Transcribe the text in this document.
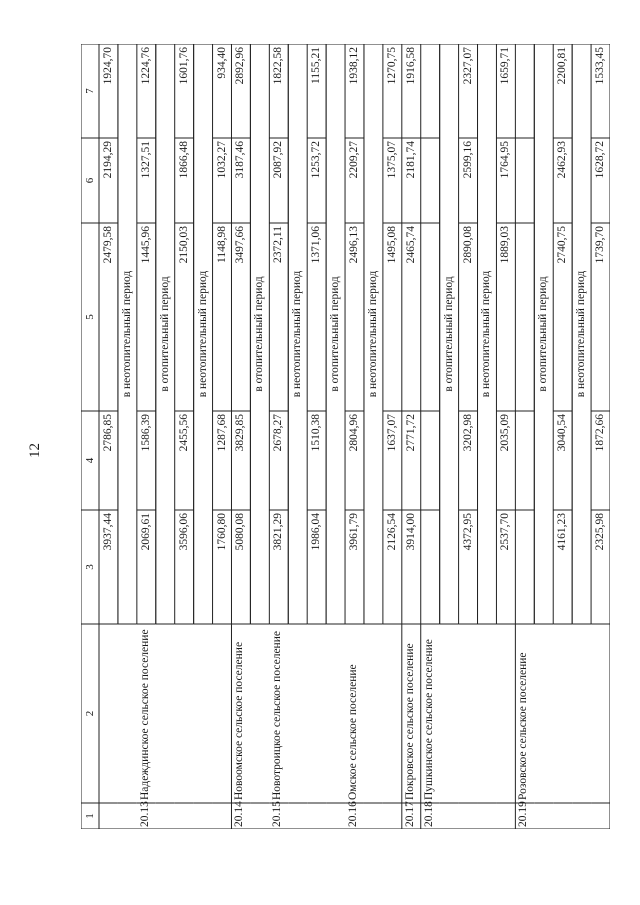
12
1
2
3
4
5
6
7
3937,44
2786,85
2479,58
2194,29
1924,70
в неотопительный период
20.13
Надеждинское сельское поселение
2069,61
1586,39
1445,96
1327,51
1224,76
в отопительный период
3596,06
2455,56
2150,03
1866,48
1601,76
в неотопительный период
1760,80
1287,68
1148,98
1032,27
934,40
20.14
Новоомское сельское поселение
5080,08
3829,85
3497,66
3187,46
2892,96
в отопительный период
20.15
Новотроицкое сельское поселение
3821,29
2678,27
2372,11
2087,92
1822,58
в неотопительный период
1986,04
1510,38
1371,06
1253,72
1155,21
в отопительный период
20.16
Омское сельское поселение
3961,79
2804,96
2496,13
2209,27
1938,12
в неотопительный период
2126,54
1637,07
1495,08
1375,07
1270,75
20.17
Покровское сельское поселение
3914,00
2771,72
2465,74
2181,74
1916,58
20.18
Пушкинское сельское поселение
в отопительный период
4372,95
3202,98
2890,08
2599,16
2327,07
в неотопительный период
2537,70
2035,09
1889,03
1764,95
1659,71
20.19
Розовское сельское поселение
в отопительный период
4161,23
3040,54
2740,75
2462,93
2200,81
в неотопительный период
2325,98
1872,66
1739,70
1628,72
1533,45
